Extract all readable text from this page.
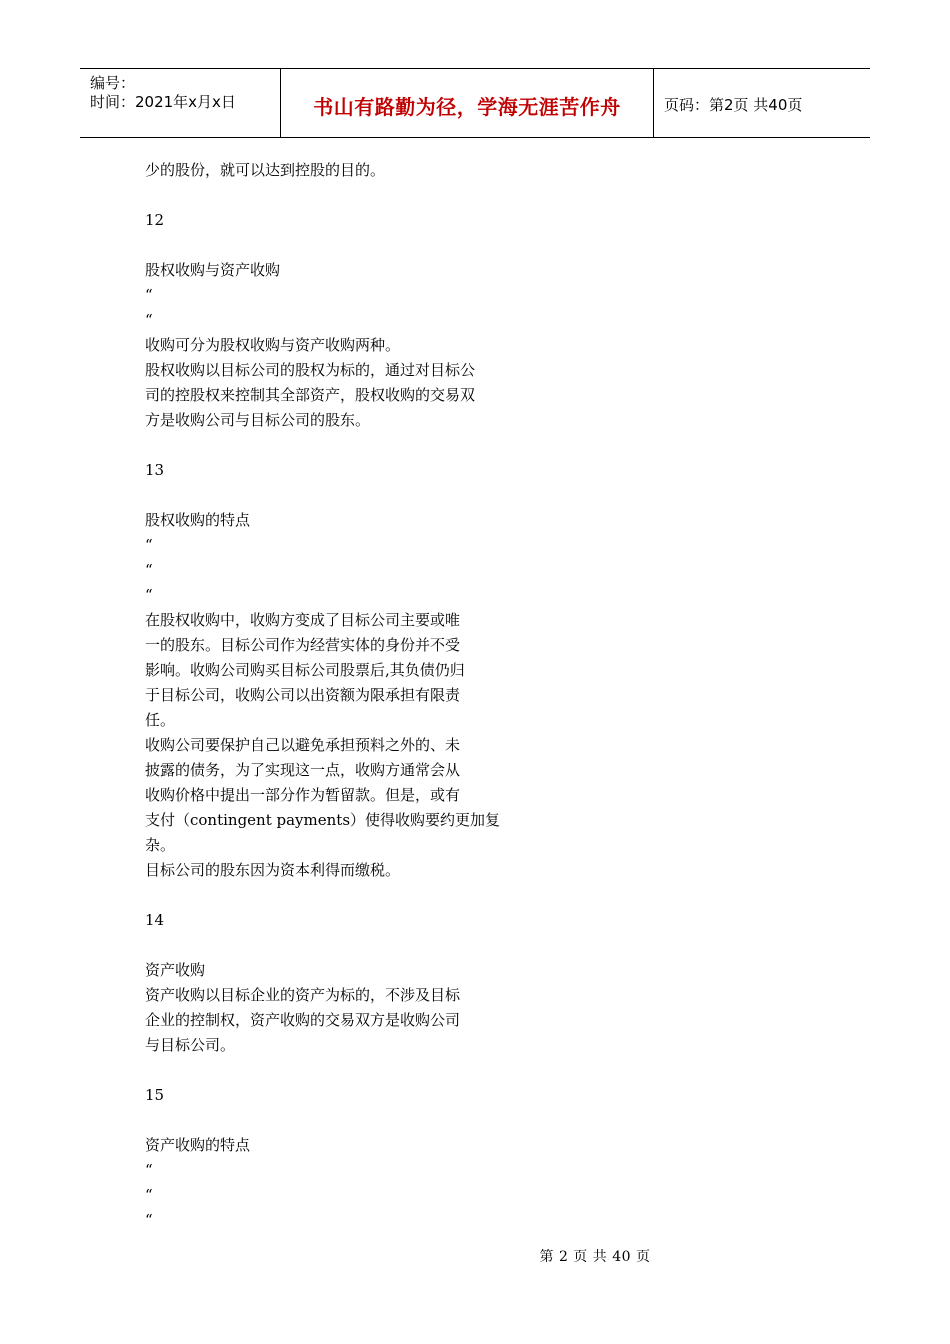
编号：
时间：2021年x月x日	书山有路勤为径，学海无涯苦作舟	页码：第2页 共40页
少的股份，就可以达到控股的目的。
12
股权收购与资产收购
“
“
收购可分为股权收购与资产收购两种。
股权收购以目标公司的股权为标的，通过对目标公
司的控股权来控制其全部资产，股权收购的交易双
方是收购公司与目标公司的股东。
13
股权收购的特点
“
“
“
在股权收购中，收购方变成了目标公司主要或唯
一的股东。目标公司作为经营实体的身份并不受
影响。收购公司购买目标公司股票后,其负债仍归
于目标公司，收购公司以出资额为限承担有限责
任。
收购公司要保护自己以避免承担预料之外的、未
披露的债务，为了实现这一点，收购方通常会从
收购价格中提出一部分作为暂留款。但是，或有
支付（contingent payments）使得收购要约更加复
杂。
目标公司的股东因为资本利得而缴税。
14
资产收购
资产收购以目标企业的资产为标的，不涉及目标
企业的控制权，资产收购的交易双方是收购公司
与目标公司。
15
资产收购的特点
“
“
“
第 2 页 共 40 页
